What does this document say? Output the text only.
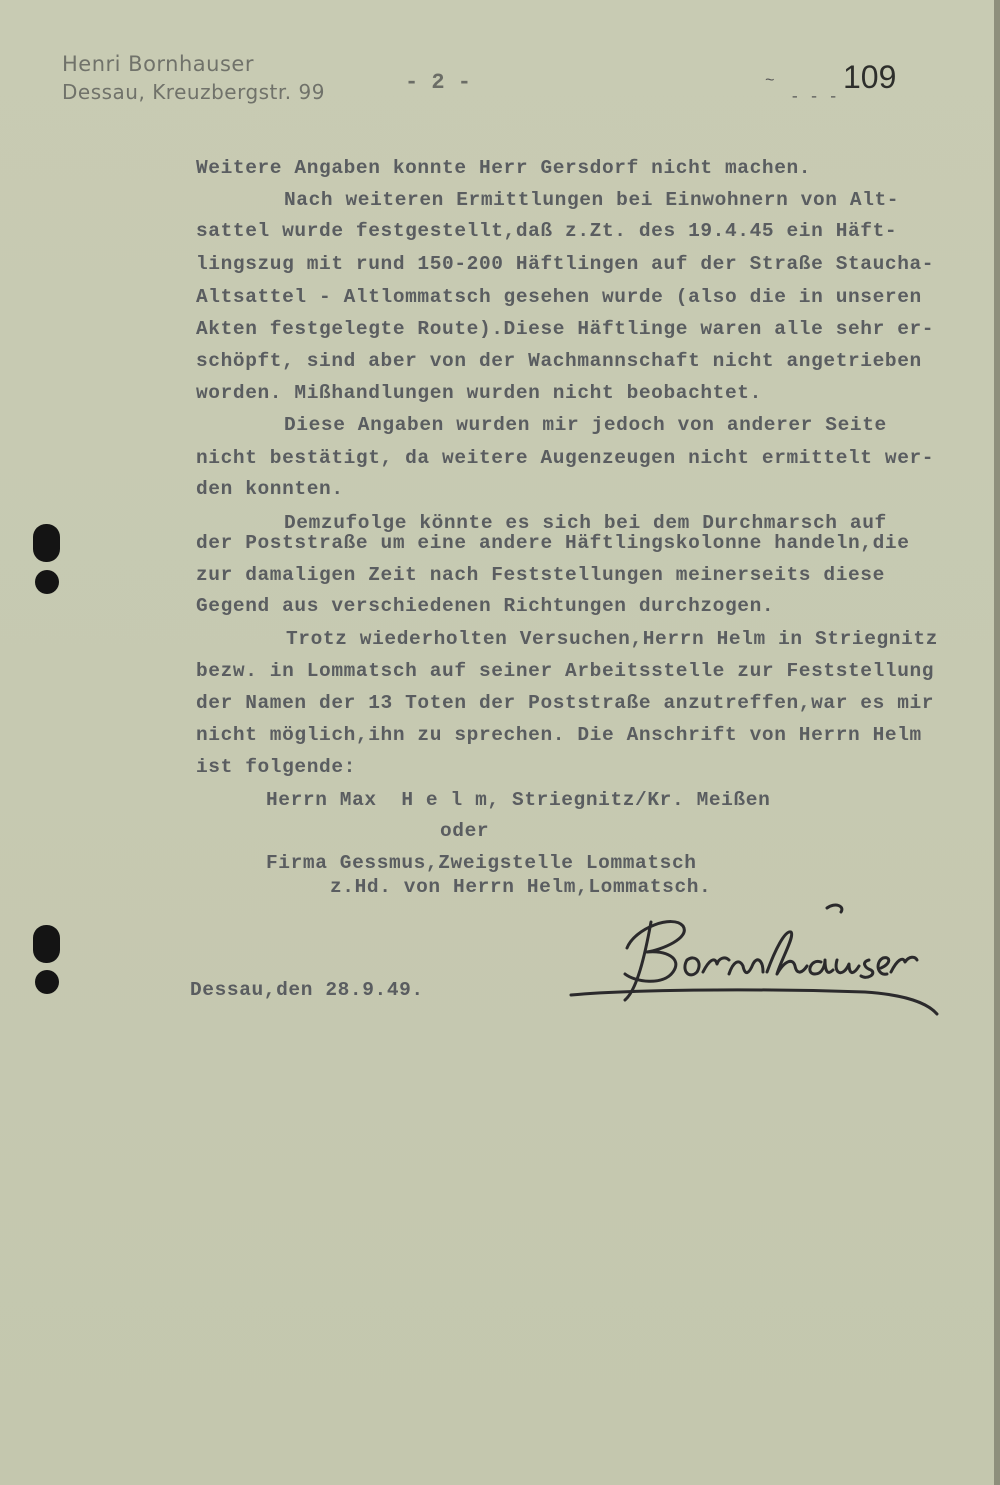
Henri Bornhauser
Dessau, Kreuzbergstr. 99	- 2 -	~
- - -
109
Weitere Angaben konnte Herr Gersdorf nicht machen.
Nach weiteren Ermittlungen bei Einwohnern von Alt-
sattel wurde festgestellt,daß z.Zt. des 19.4.45 ein Häft-
lingszug mit rund 150-200 Häftlingen auf der Straße Staucha-
Altsattel - Altlommatsch gesehen wurde (also die in unseren
Akten festgelegte Route).Diese Häftlinge waren alle sehr er-
schöpft, sind aber von der Wachmannschaft nicht angetrieben
worden. Mißhandlungen wurden nicht beobachtet.
Diese Angaben wurden mir jedoch von anderer Seite
nicht bestätigt, da weitere Augenzeugen nicht ermittelt wer-
den konnten.
Demzufolge könnte es sich bei dem Durchmarsch auf
der Poststraße um eine andere Häftlingskolonne handeln,die
zur damaligen Zeit nach Feststellungen meinerseits diese
Gegend aus verschiedenen Richtungen durchzogen.
Trotz wiederholten Versuchen,Herrn Helm in Striegnitz
bezw. in Lommatsch auf seiner Arbeitsstelle zur Feststellung
der Namen der 13 Toten der Poststraße anzutreffen,war es mir
nicht möglich,ihn zu sprechen. Die Anschrift von Herrn Helm
ist folgende:
Herrn Max  H e l m, Striegnitz/Kr. Meißen
oder
Firma Gessmus,Zweigstelle Lommatsch
z.Hd. von Herrn Helm,Lommatsch.
Dessau,den 28.9.49.
